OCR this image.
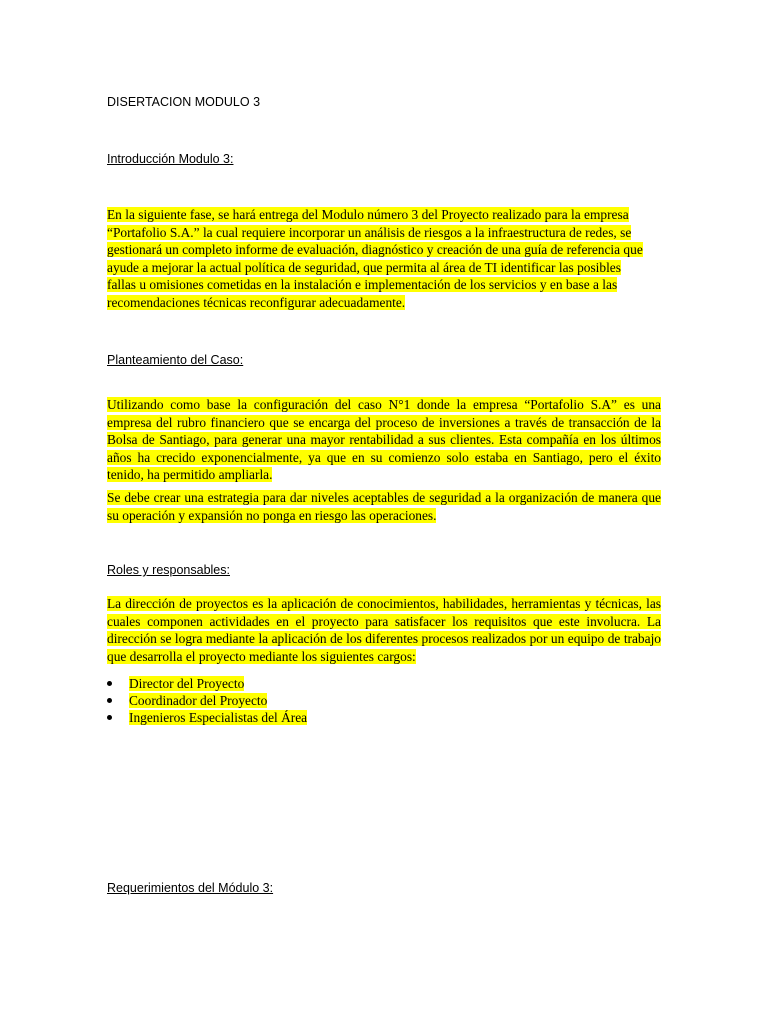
DISERTACION MODULO 3
Introducción Modulo 3:
En la siguiente fase, se hará entrega del Modulo número 3 del Proyecto realizado para la empresa
“Portafolio S.A.” la cual requiere incorporar un análisis de riesgos a la infraestructura de redes, se
gestionará un completo informe de evaluación, diagnóstico y creación de una guía de referencia que
ayude a mejorar la actual política de seguridad, que permita al área de TI identificar las posibles
fallas u omisiones cometidas en la instalación e implementación de los servicios y en base a las
recomendaciones técnicas reconfigurar adecuadamente.
Planteamiento del Caso:
Utilizando como base la configuración del caso N°1 donde la empresa “Portafolio S.A” es una empresa del rubro financiero que se encarga del proceso de inversiones a través de transacción de la Bolsa de Santiago, para generar una mayor rentabilidad a sus clientes. Esta compañía en los últimos años ha crecido exponencialmente, ya que en su comienzo solo estaba en Santiago, pero el éxito tenido, ha permitido ampliarla.
Se debe crear una estrategia para dar niveles aceptables de seguridad a la organización de manera que su operación y expansión no ponga en riesgo las operaciones.
Roles y responsables:
La dirección de proyectos es la aplicación de conocimientos, habilidades, herramientas y técnicas, las cuales componen actividades en el proyecto para satisfacer los requisitos que este involucra. La dirección se logra mediante la aplicación de los diferentes procesos realizados por un equipo de trabajo que desarrolla el proyecto mediante los siguientes cargos:
Director del Proyecto
Coordinador del Proyecto
Ingenieros Especialistas del Área
Requerimientos del Módulo 3:
